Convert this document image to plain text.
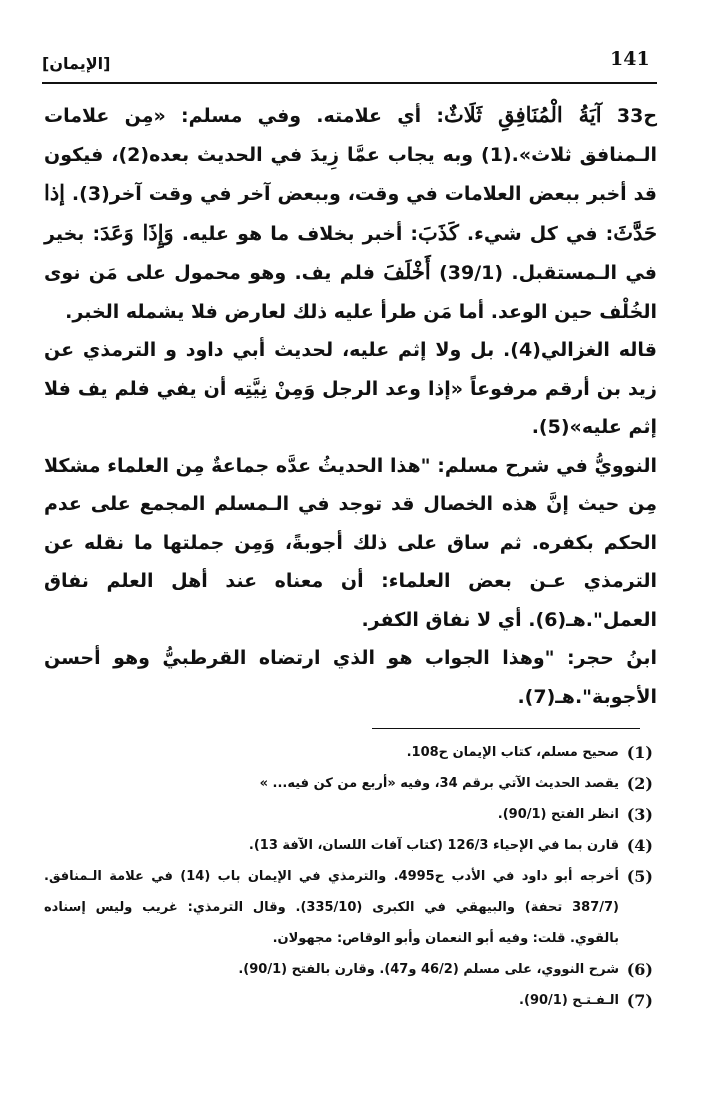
141
[الإيمان]

ح33 آيَةُ الْمُنَافِقِ ثَلَاثٌ: أي علامته. وفي مسلم: «مِن علامات الـمنافق ثلاث».(1) وبه يجاب عمَّا زِيدَ في الحديث بعده(2)، فيكون قد أخبر ببعض العلامات في وقت، وببعض آخر في وقت آخر(3). إذا حَدَّثَ: في كل شيء. كَذَبَ: أخبر بخلاف ما هو عليه. وَإِذَا وَعَدَ: بخير في الـمستقبل. (39/1) أَخْلَفَ فلم يف. وهو محمول على مَن نوى الخُلْف حين الوعد. أما مَن طرأ عليه ذلك لعارض فلا يشمله الخبر.

قاله الغزالي(4). بل ولا إثم عليه، لحديث أبي داود و الترمذي عن زيد بن أرقم مرفوعاً «إذا وعد الرجل وَمِنْ نِيَّتِه أن يفي فلم يف فلا إثم عليه»(5).

النوويُّ في شرح مسلم: "هذا الحديثُ عدَّه جماعةٌ مِن العلماء مشكلا مِن حيث إنَّ هذه الخصال قد توجد في الـمسلم المجمع على عدم الحكم بكفره. ثم ساق على ذلك أجوبةً، وَمِن جملتها ما نقله عن الترمذي عـن بعض العلماء: أن معناه عند أهل العلم نفاق العمل".هـ(6). أي لا نفاق الكفر.

ابنُ حجر: "وهذا الجواب هو الذي ارتضاه القرطبيُّ وهو أحسن الأجوبة".هـ(7).

(1)
صحيح مسلم، كتاب الإيمان ح108.
(2)
يقصد الحديث الآتي برقم 34، وفيه «أربع من كن فيه... »
(3)
انظر الفتح (90/1).
(4)
قارن بما في الإحياء 126/3 (كتاب آفات اللسان، الآفة 13).
(5)
أخرجه أبو داود في الأدب ح4995. والترمذي في الإيمان باب (14) في علامة الـمنافق. (387/7 تحفة) والبيهقي في الكبرى (335/10). وقال الترمذي: غريب وليس إسناده بالقوي. قلت: وفيه أبو النعمان وأبو الوقاص: مجهولان.
(6)
شرح النووي، على مسلم (46/2 و47). وقارن بالفتح (90/1).
(7)
الـفـتـح (90/1).
